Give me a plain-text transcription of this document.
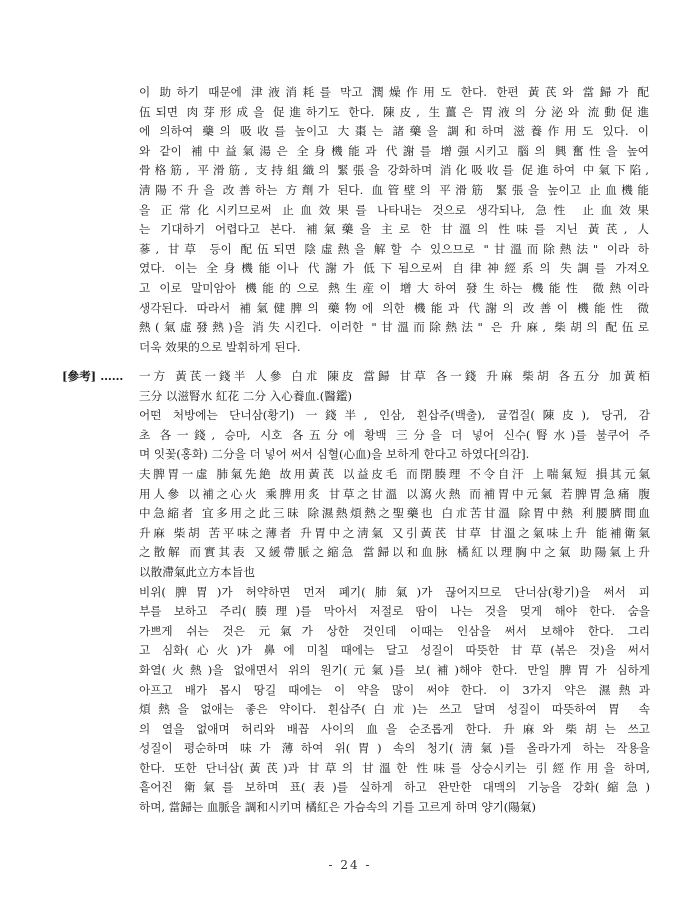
이 助하기 때문에 津液消耗를 막고 潤燥作用도 한다. 한편 黃芪와 當歸가 配
伍되면 肉芽形成을 促進하기도 한다. 陳皮, 生薑은 胃液의 分泌와 流動促進
에 의하여 藥의 吸收를 높이고 大棗는 諸藥을 調和하며 滋養作用도 있다. 이
와 같이 補中益氣湯은 全身機能과 代謝를 增强시키고 腦의 興奮性을 높여
骨格筋, 平滑筋, 支持組織의 緊張을 강화하며 消化吸收를 促進하여 中氣下陷,
淸陽不升을 改善하는 方劑가 된다. 血管壁의 平滑筋 緊張을 높이고 止血機能
을 正常化시키므로써 止血效果를 나타내는 것으로 생각되나, 急性 止血效果
는 기대하기 어렵다고 본다. 補氣藥을 主로 한 甘溫의 性味를 지닌 黃芪, 人
蔘, 甘草 등이 配伍되면 陰虛熱을 解할 수 있으므로 "甘溫而除熱法" 이라 하
였다. 이는 全身機能이나 代謝가 低下됨으로써 自律神經系의 失調를 가져오
고 이로 말미암아 機能的으로 熱生産이 增大하여 發生하는 機能性 微熱이라
생각된다. 따라서 補氣健脾의 藥物에 의한 機能과 代謝의 改善이 機能性 微
熱(氣虛發熱)을 消失시킨다. 이러한 "甘溫而除熱法" 은 升麻, 柴胡의 配伍로
더욱 效果的으로 발휘하게 된다.
[參考] ……	一方 黃芪一錢半 人參 白朮 陳皮 當歸 甘草 各一錢 升麻 柴胡 各五分 加黃栢
三分 以滋腎水 紅花 二分 入心養血.(醫鑑)
어떤 처방에는 단너삼(황기) 一錢半, 인삼, 흰삽주(백출), 귤껍질(陳皮), 당귀, 감
초 各一錢, 승마, 시호 各五分에 황백 三分을 더 넣어 신수(腎水)를 불쿠어 주
며 잇꽃(홍화) 二分을 더 넣어 써서 심혈(心血)을 보하게 한다고 하였다[의감].
夫脾胃一虛 肺氣先絶 故用黃芪 以益皮毛 而閉腠理 不令自汗 上喘氣短 損其元氣
用人參 以補之心火 乘脾用炙 甘草之甘溫 以瀉火熱 而補胃中元氣 若脾胃急痛 腹
中急縮者 宜多用之此三昧 除濕熱煩熱之聖藥也 白朮苦甘溫 除胃中熱 利腰臍間血
升麻 柴胡 苦平味之薄者 升胃中之淸氣 又引黃芪 甘草 甘溫之氣味上升 能補衛氣
之散解 而實其表 又緩帶脈之縮急 當歸以和血脉 橘紅以理胸中之氣 助陽氣上升
以散滯氣此立方本旨也
비위(脾胃)가 허약하면 먼저 폐기(肺氣)가 끊어지므로 단너삼(황기)을 써서 피
부를 보하고 주리(腠理)를 막아서 저절로 땀이 나는 것을 멎게 해야 한다. 숨을
가쁘게 쉬는 것은 元氣가 상한 것인데 이때는 인삼을 써서 보해야 한다. 그리
고 심화(心火)가 鼻에 미칠 때에는 달고 성질이 따뜻한 甘草(볶은 것)을 써서
화열(火熱)을 없애면서 위의 원기(元氣)를 보(補)해야 한다. 만일 脾胃가 심하게
아프고 배가 몹시 땅길 때에는 이 약을 많이 써야 한다. 이 3가지 약은 濕熱과
煩熱을 없애는 좋은 약이다. 흰삽주(白朮)는 쓰고 달며 성질이 따뜻하여 胃 속
의 열을 없애며 허리와 배꼽 사이의 血을 순조롭게 한다. 升麻와 柴胡는 쓰고
성질이 평순하며 味가 薄하여 위(胃) 속의 청기(淸氣)를 올라가게 하는 작용을
한다. 또한 단너삼(黃芪)과 甘草의 甘溫한 性味를 상승시키는 引經作用을 하며,
흩어진 衛氣를 보하며 표(表)를 실하게 하고 완만한 대맥의 기능을 강화(縮急)
하며, 當歸는 血脈을 調和시키며 橘紅은 가슴속의 기를 고르게 하며 양기(陽氣)
- 24 -
